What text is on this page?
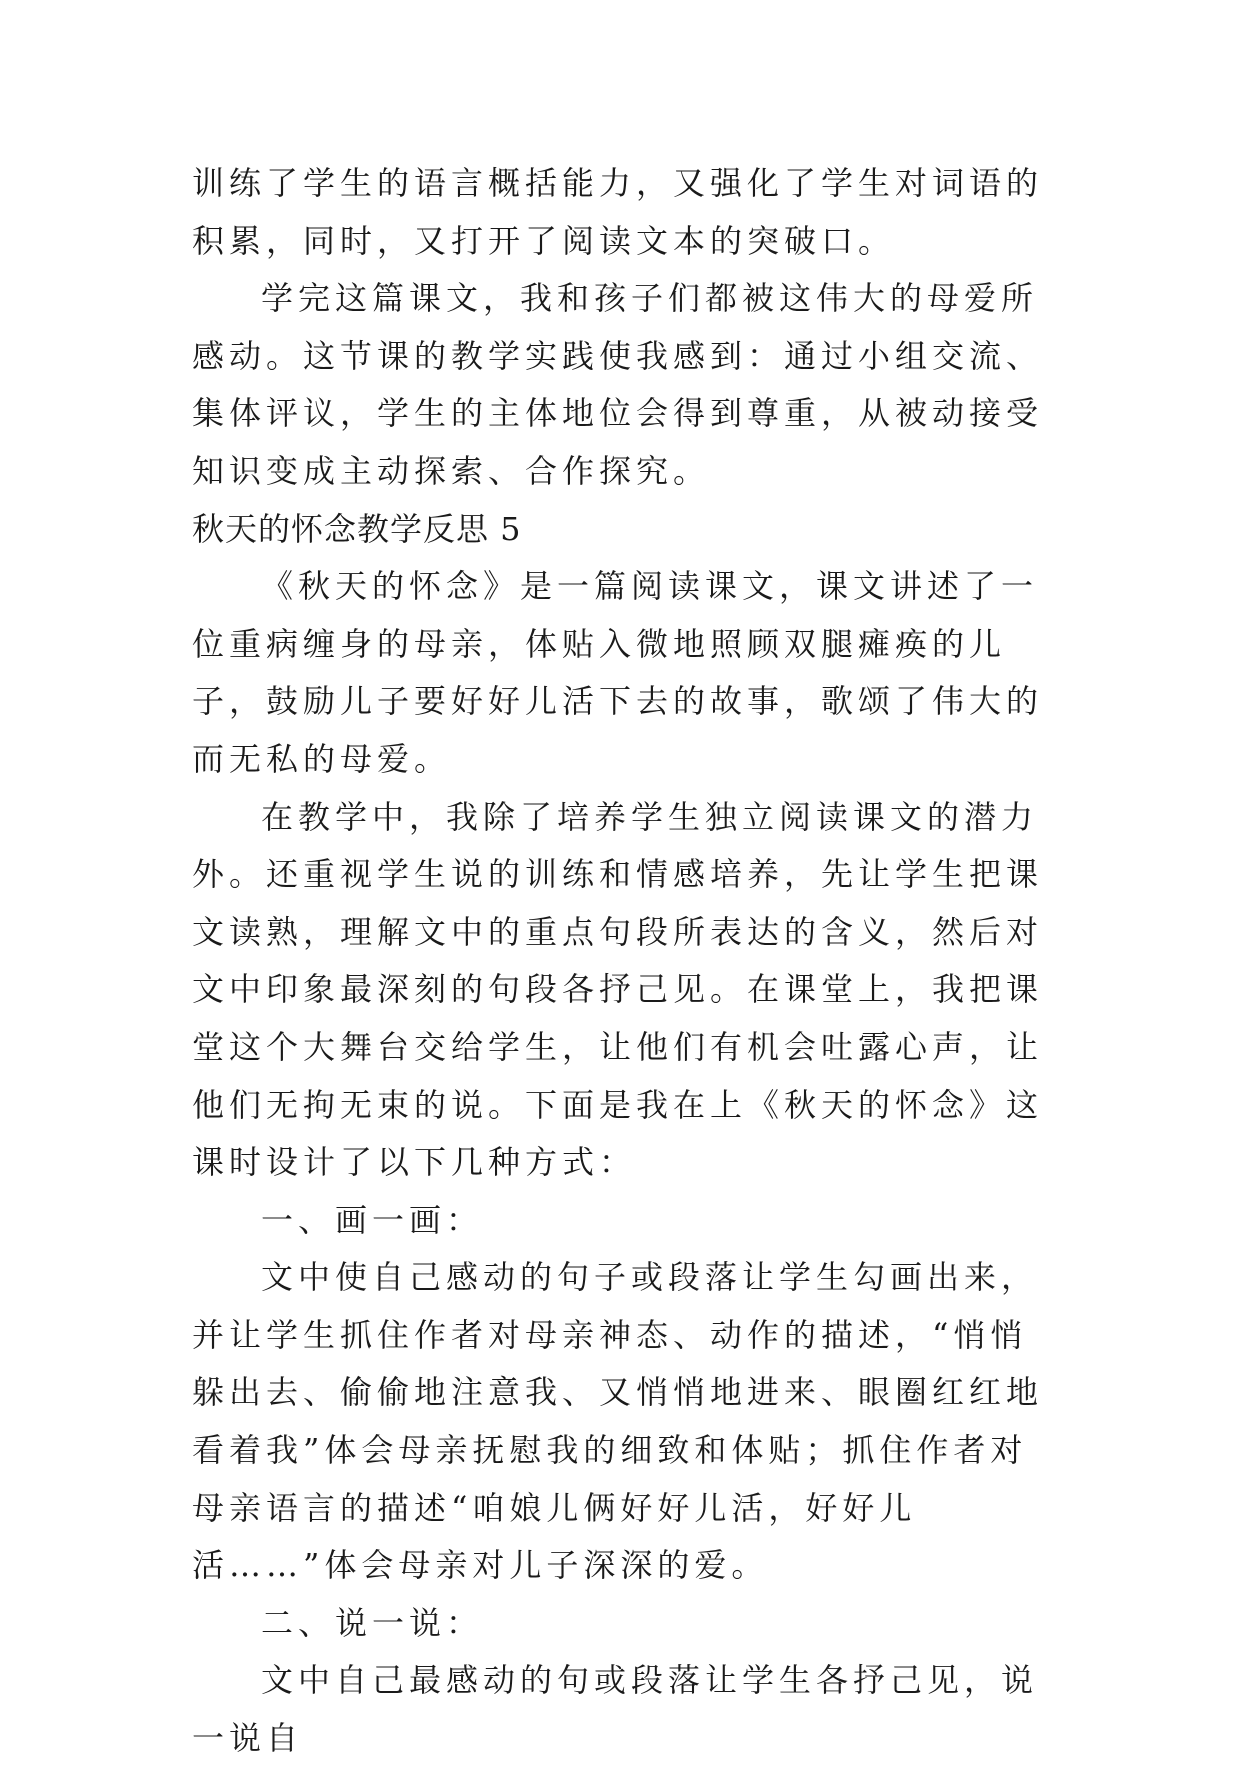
训练了学生的语言概括能力，又强化了学生对词语的积累，同时，又打开了阅读文本的突破口。

学完这篇课文，我和孩子们都被这伟大的母爱所感动。这节课的教学实践使我感到：通过小组交流、集体评议，学生的主体地位会得到尊重，从被动接受知识变成主动探索、合作探究。

秋天的怀念教学反思 5

《秋天的怀念》是一篇阅读课文，课文讲述了一位重病缠身的母亲，体贴入微地照顾双腿瘫痪的儿子，鼓励儿子要好好儿活下去的故事，歌颂了伟大的而无私的母爱。

在教学中，我除了培养学生独立阅读课文的潜力外。还重视学生说的训练和情感培养，先让学生把课文读熟，理解文中的重点句段所表达的含义，然后对文中印象最深刻的句段各抒己见。在课堂上，我把课堂这个大舞台交给学生，让他们有机会吐露心声，让他们无拘无束的说。下面是我在上《秋天的怀念》这课时设计了以下几种方式：

一、画一画：

文中使自己感动的句子或段落让学生勾画出来，并让学生抓住作者对母亲神态、动作的描述，“悄悄躲出去、偷偷地注意我、又悄悄地进来、眼圈红红地看着我”体会母亲抚慰我的细致和体贴；抓住作者对母亲语言的描述“咱娘儿俩好好儿活，好好儿活……”体会母亲对儿子深深的爱。

二、说一说：

文中自己最感动的句或段落让学生各抒己见，说一说自
